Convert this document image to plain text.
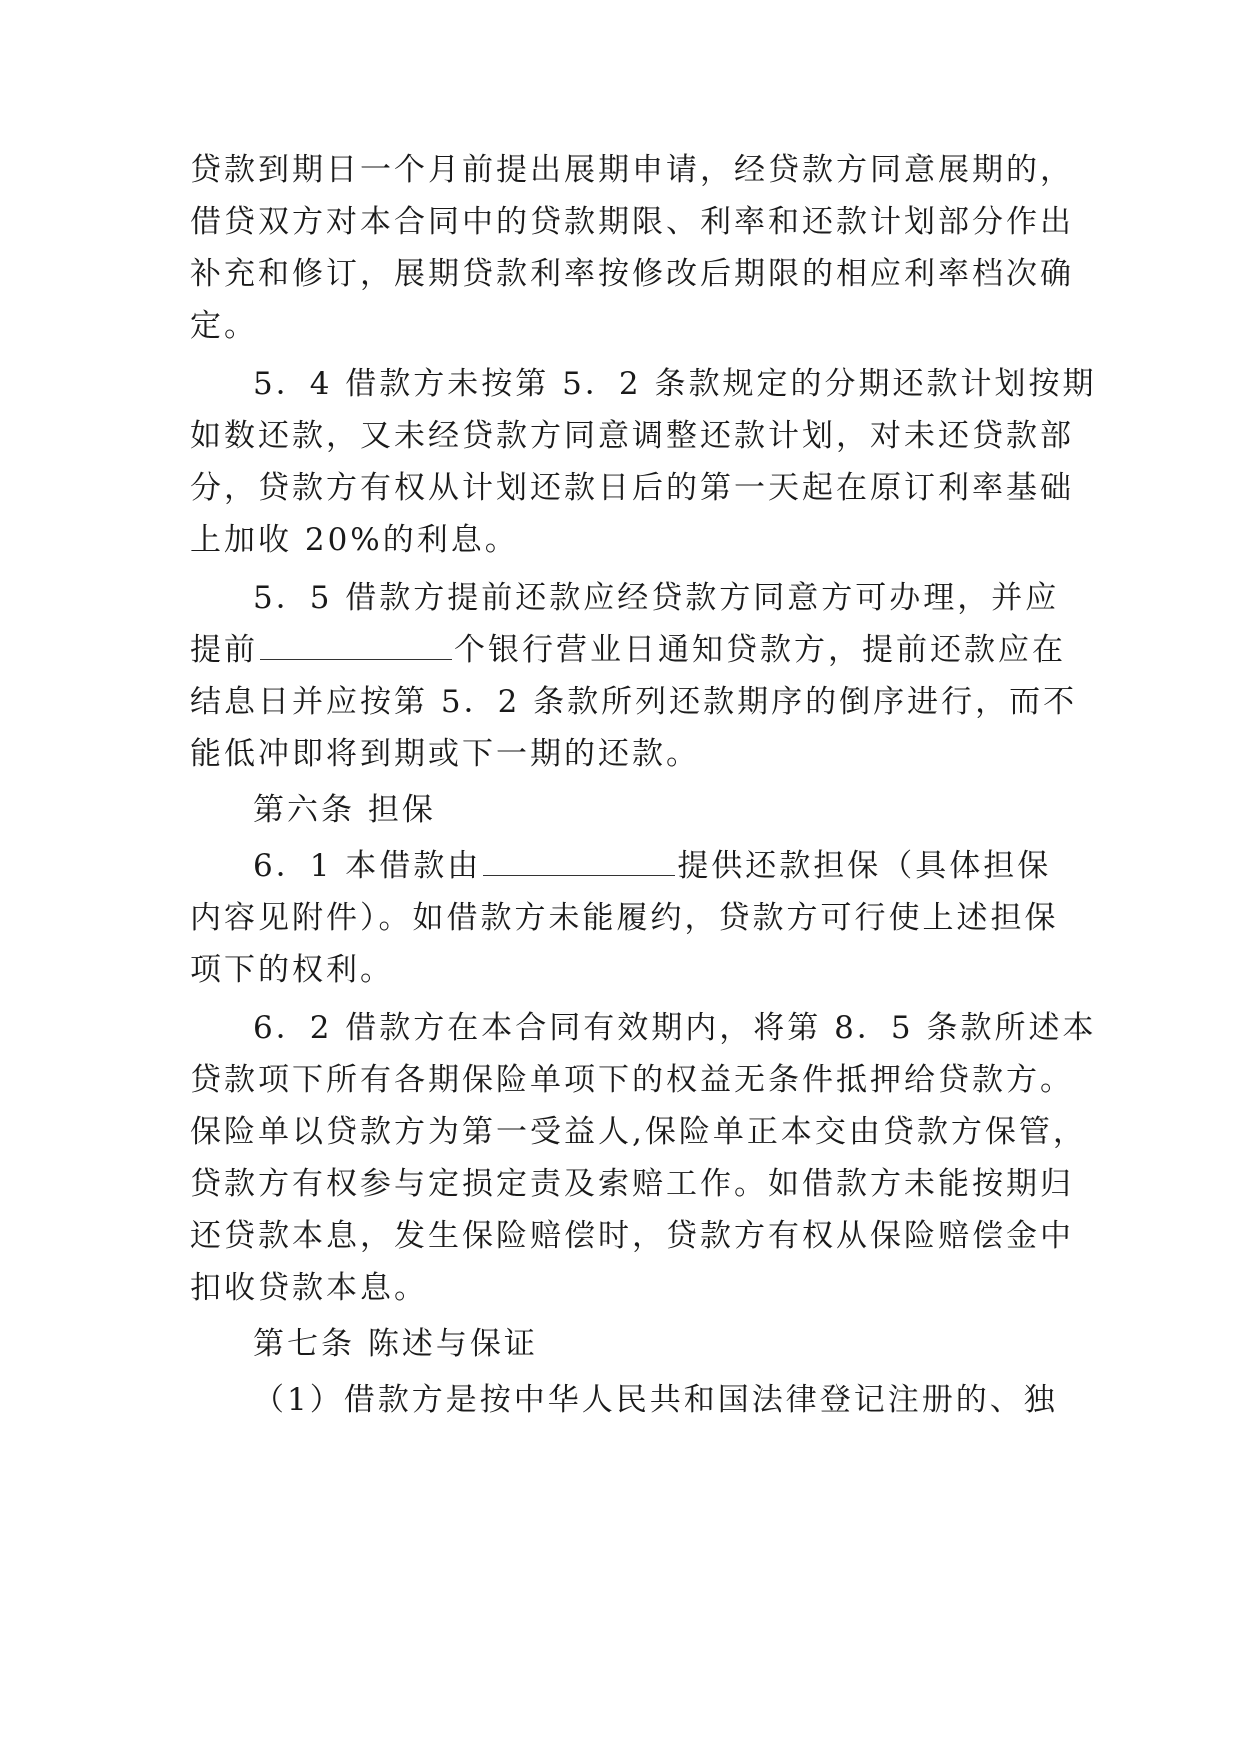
贷款到期日一个月前提出展期申请，经贷款方同意展期的，
借贷双方对本合同中的贷款期限、利率和还款计划部分作出
补充和修订，展期贷款利率按修改后期限的相应利率档次确
定。
5．4 借款方未按第 5．2 条款规定的分期还款计划按期
如数还款，又未经贷款方同意调整还款计划，对未还贷款部
分，贷款方有权从计划还款日后的第一天起在原订利率基础
上加收 20%的利息。
5．5 借款方提前还款应经贷款方同意方可办理，并应
提前	个银行营业日通知贷款方，提前还款应在
结息日并应按第 5．2 条款所列还款期序的倒序进行，而不
能低冲即将到期或下一期的还款。
第六条 担保
6．1 本借款由	提供还款担保（具体担保
内容见附件）。如借款方未能履约，贷款方可行使上述担保
项下的权利。
6．2 借款方在本合同有效期内，将第 8．5 条款所述本
贷款项下所有各期保险单项下的权益无条件抵押给贷款方。
保险单以贷款方为第一受益人,保险单正本交由贷款方保管，
贷款方有权参与定损定责及索赔工作。如借款方未能按期归
还贷款本息，发生保险赔偿时，贷款方有权从保险赔偿金中
扣收贷款本息。
第七条 陈述与保证
（1）借款方是按中华人民共和国法律登记注册的、独
